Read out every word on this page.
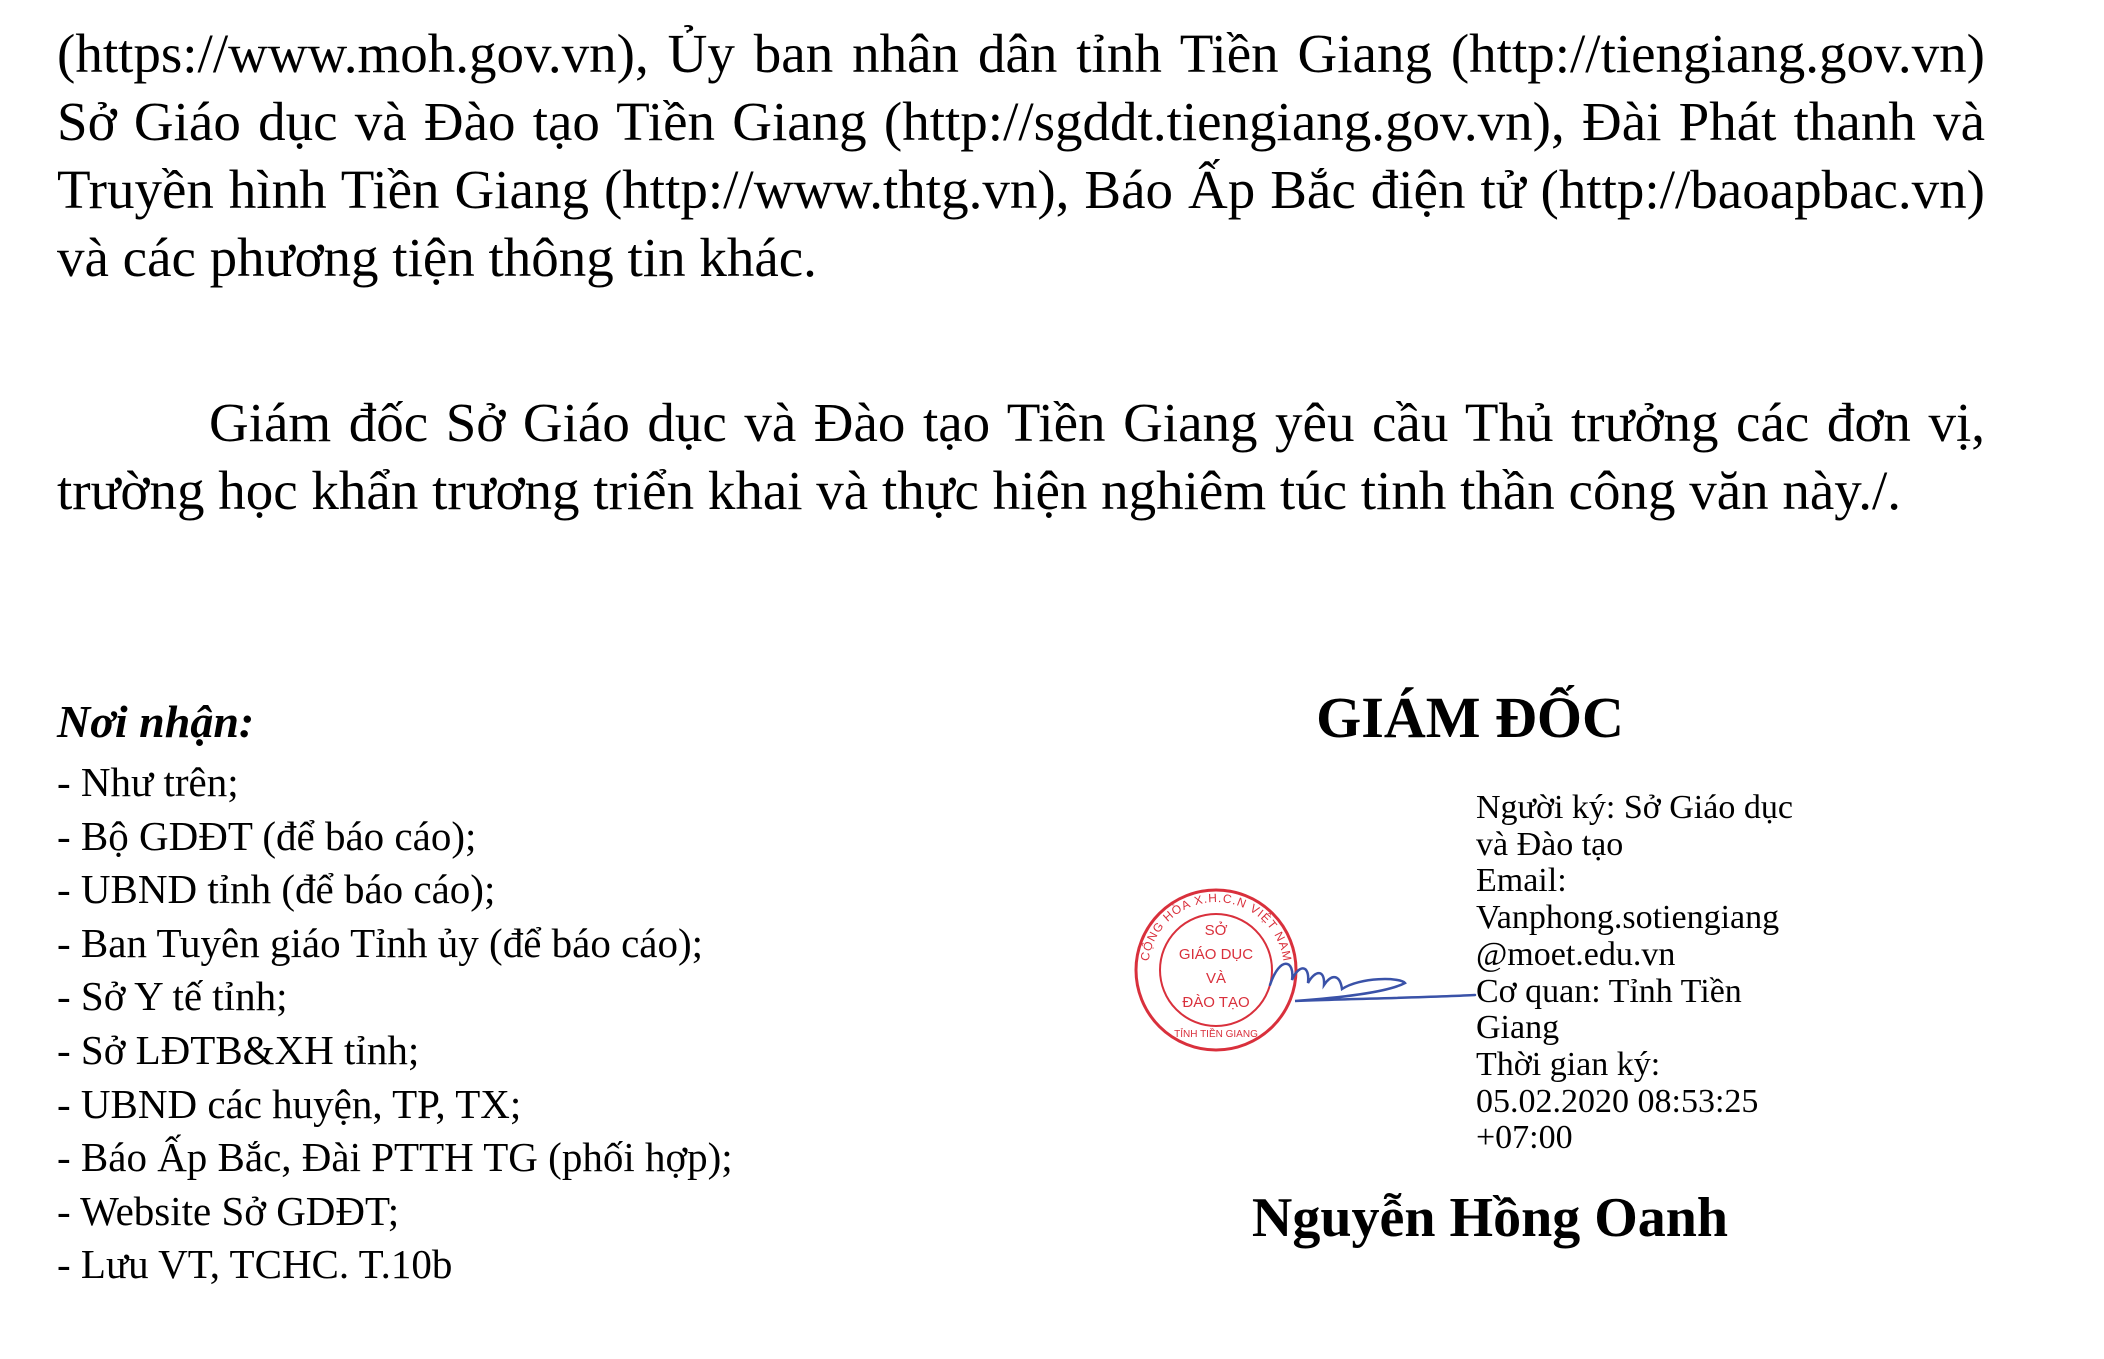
(https://www.moh.gov.vn), Ủy ban nhân dân tỉnh Tiền Giang (http://tiengiang.gov.vn) Sở Giáo dục và Đào tạo Tiền Giang (http://sgddt.tiengiang.gov.vn), Đài Phát thanh và Truyền hình Tiền Giang (http://www.thtg.vn), Báo Ấp Bắc điện tử (http://baoapbac.vn) và các phương tiện thông tin khác.

Giám đốc Sở Giáo dục và Đào tạo Tiền Giang yêu cầu Thủ trưởng các đơn vị, trường học khẩn trương triển khai và thực hiện nghiêm túc tinh thần công văn này./.

Nơi nhận:
- Như trên;
- Bộ GDĐT (để báo cáo);
- UBND tỉnh (để báo cáo);
- Ban Tuyên giáo Tỉnh ủy (để báo cáo);
- Sở Y tế tỉnh;
- Sở LĐTB&XH tỉnh;
- UBND các huyện, TP, TX;
- Báo Ấp Bắc, Đài PTTH TG (phối hợp);
- Website Sở GDĐT;
- Lưu VT, TCHC. T.10b
GIÁM ĐỐC
CỘNG HÒA X.H.C.N VIỆT NAM
SỞ
GIÁO DỤC
VÀ
ĐÀO TẠO
TỈNH TIỀN GIANG
Người ký: Sở Giáo dục
và Đào tạo
Email:
Vanphong.sotiengiang
@moet.edu.vn
Cơ quan: Tỉnh Tiền
Giang
Thời gian ký:
05.02.2020 08:53:25
+07:00
Nguyễn Hồng Oanh
